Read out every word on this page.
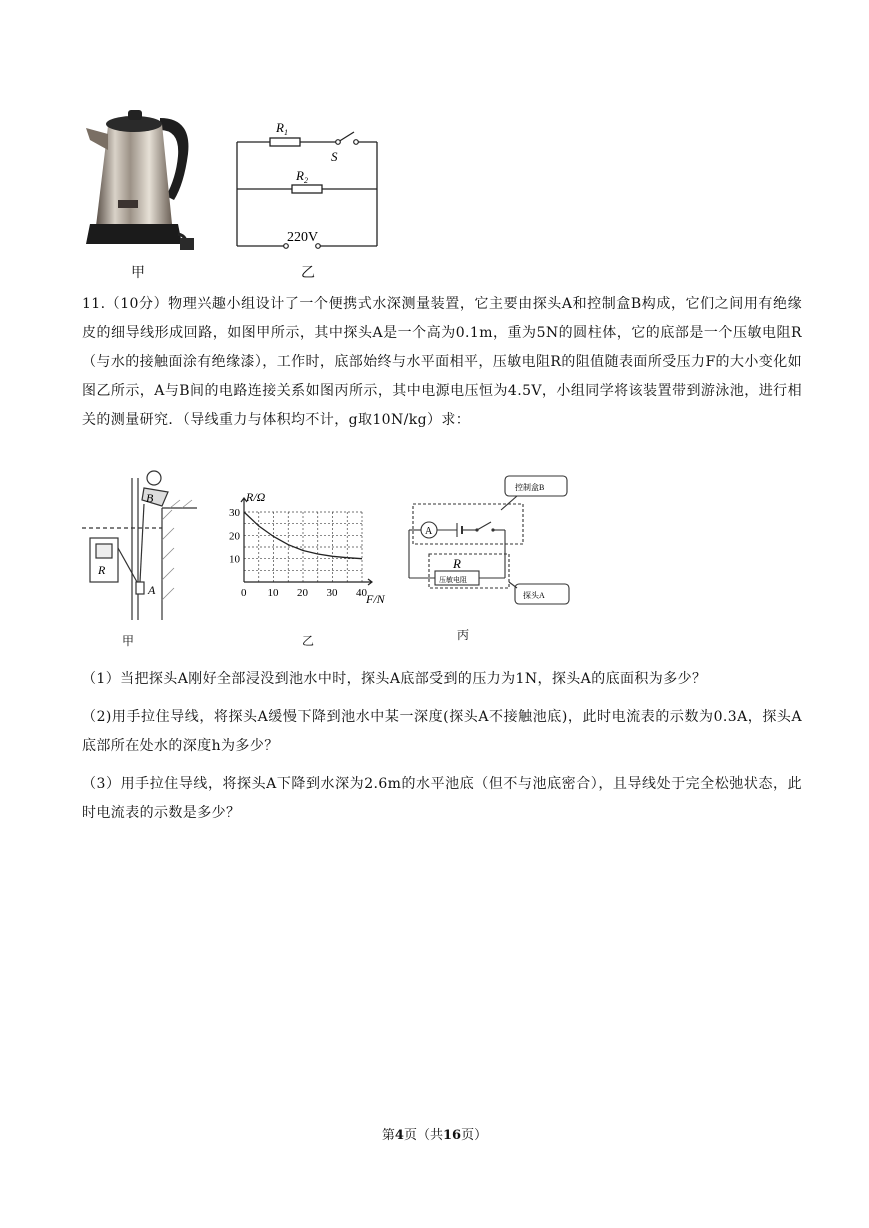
甲
$R_1$
S
$R_2$
220V
乙
11.（10分）物理兴趣小组设计了一个便携式水深测量装置，它主要由探头A和控制盒B构成，它们之间用有绝缘皮的细导线形成回路，如图甲所示，其中探头A是一个高为0.1m，重为5N的圆柱体，它的底部是一个压敏电阻R（与水的接触面涂有绝缘漆），工作时，底部始终与水平面相平，压敏电阻R的阻值随表面所受压力F的大小变化如图乙所示，A与B间的电路连接关系如图丙所示，其中电源电压恒为4.5V，小组同学将该装置带到游泳池，进行相关的测量研究．（导线重力与体积均不计，g取10N/kg）求：
B
A
R
甲
0 10 20 30 40
10
20
30
R/Ω
F/N
乙
A
R
压敏电阻
控制盒B
探头A
丙
（1）当把探头A刚好全部浸没到池水中时，探头A底部受到的压力为1N，探头A的底面积为多少？
（2)用手拉住导线，将探头A缓慢下降到池水中某一深度(探头A不接触池底)，此时电流表的示数为0.3A，探头A底部所在处水的深度h为多少？
（3）用手拉住导线，将探头A下降到水深为2.6m的水平池底（但不与池底密合），且导线处于完全松弛状态，此时电流表的示数是多少？
第4页（共16页）
